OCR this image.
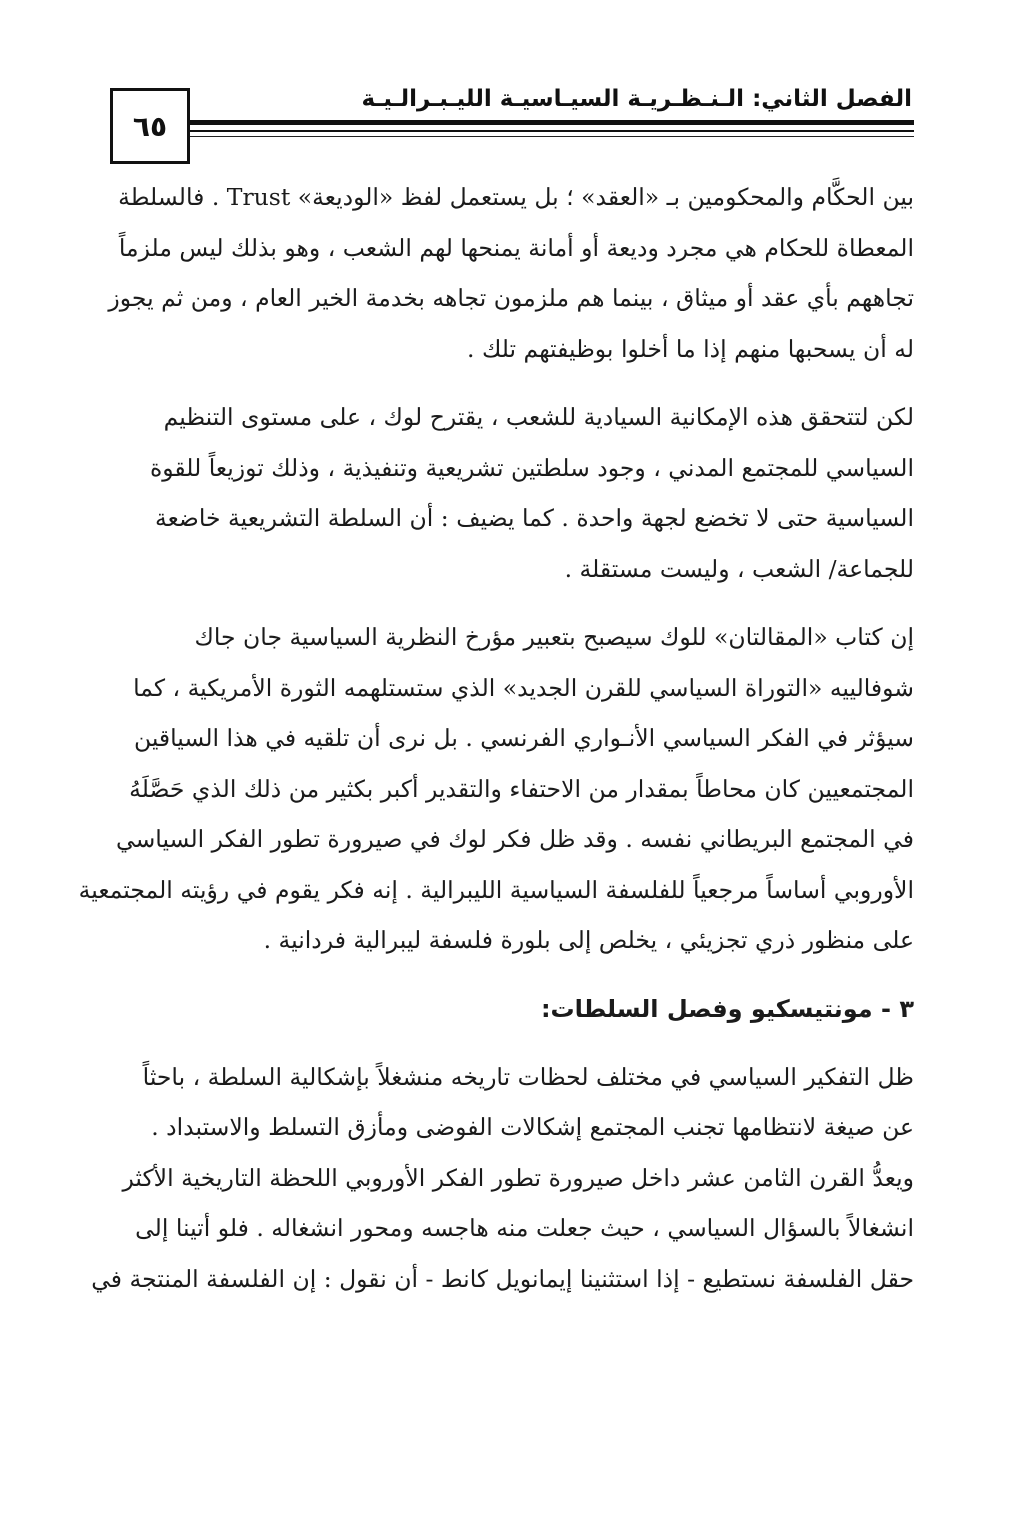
الفصل الثاني: الـنـظـريـة السيـاسيـة الليـبـرالـيـة
٦٥
بين الحكَّام والمحكومين بـ «العقد» ؛ بل يستعمل لفظ «الوديعة» Trust . فالسلطة
المعطاة للحكام هي مجرد وديعة أو أمانة يمنحها لهم الشعب ، وهو بذلك ليس ملزماً
تجاههم بأي عقد أو ميثاق ، بينما هم ملزمون تجاهه بخدمة الخير العام ، ومن ثم يجوز
له أن يسحبها منهم إذا ما أخلوا بوظيفتهم تلك .
لكن لتتحقق هذه الإمكانية السيادية للشعب ، يقترح لوك ، على مستوى التنظيم
السياسي للمجتمع المدني ، وجود سلطتين تشريعية وتنفيذية ، وذلك توزيعاً للقوة
السياسية حتى لا تخضع لجهة واحدة . كما يضيف : أن السلطة التشريعية خاضعة
للجماعة/ الشعب ، وليست مستقلة .
إن كتاب «المقالتان» للوك سيصبح بتعبير مؤرخ النظرية السياسية جان جاك
شوفالييه «التوراة السياسي للقرن الجديد» الذي ستستلهمه الثورة الأمريكية ، كما
سيؤثر في الفكر السياسي الأنـواري الفرنسي . بل نرى أن تلقيه في هذا السياقين
المجتمعيين كان محاطاً بمقدار من الاحتفاء والتقدير أكبر بكثير من ذلك الذي حَصَّلَهُ
في المجتمع البريطاني نفسه . وقد ظل فكر لوك في صيرورة تطور الفكر السياسي
الأوروبي أساساً مرجعياً للفلسفة السياسية الليبرالية . إنه فكر يقوم في رؤيته المجتمعية
على منظور ذري تجزيئي ، يخلص إلى بلورة فلسفة ليبرالية فردانية .
٣ - مونتيسكيو وفصل السلطات:
ظل التفكير السياسي في مختلف لحظات تاريخه منشغلاً بإشكالية السلطة ، باحثاً
عن صيغة لانتظامها تجنب المجتمع إشكالات الفوضى ومأزق التسلط والاستبداد .
ويعدُّ القرن الثامن عشر داخل صيرورة تطور الفكر الأوروبي اللحظة التاريخية الأكثر
انشغالاً بالسؤال السياسي ، حيث جعلت منه هاجسه ومحور انشغاله . فلو أتينا إلى
حقل الفلسفة نستطيع - إذا استثنينا إيمانويل كانط - أن نقول : إن الفلسفة المنتجة في
